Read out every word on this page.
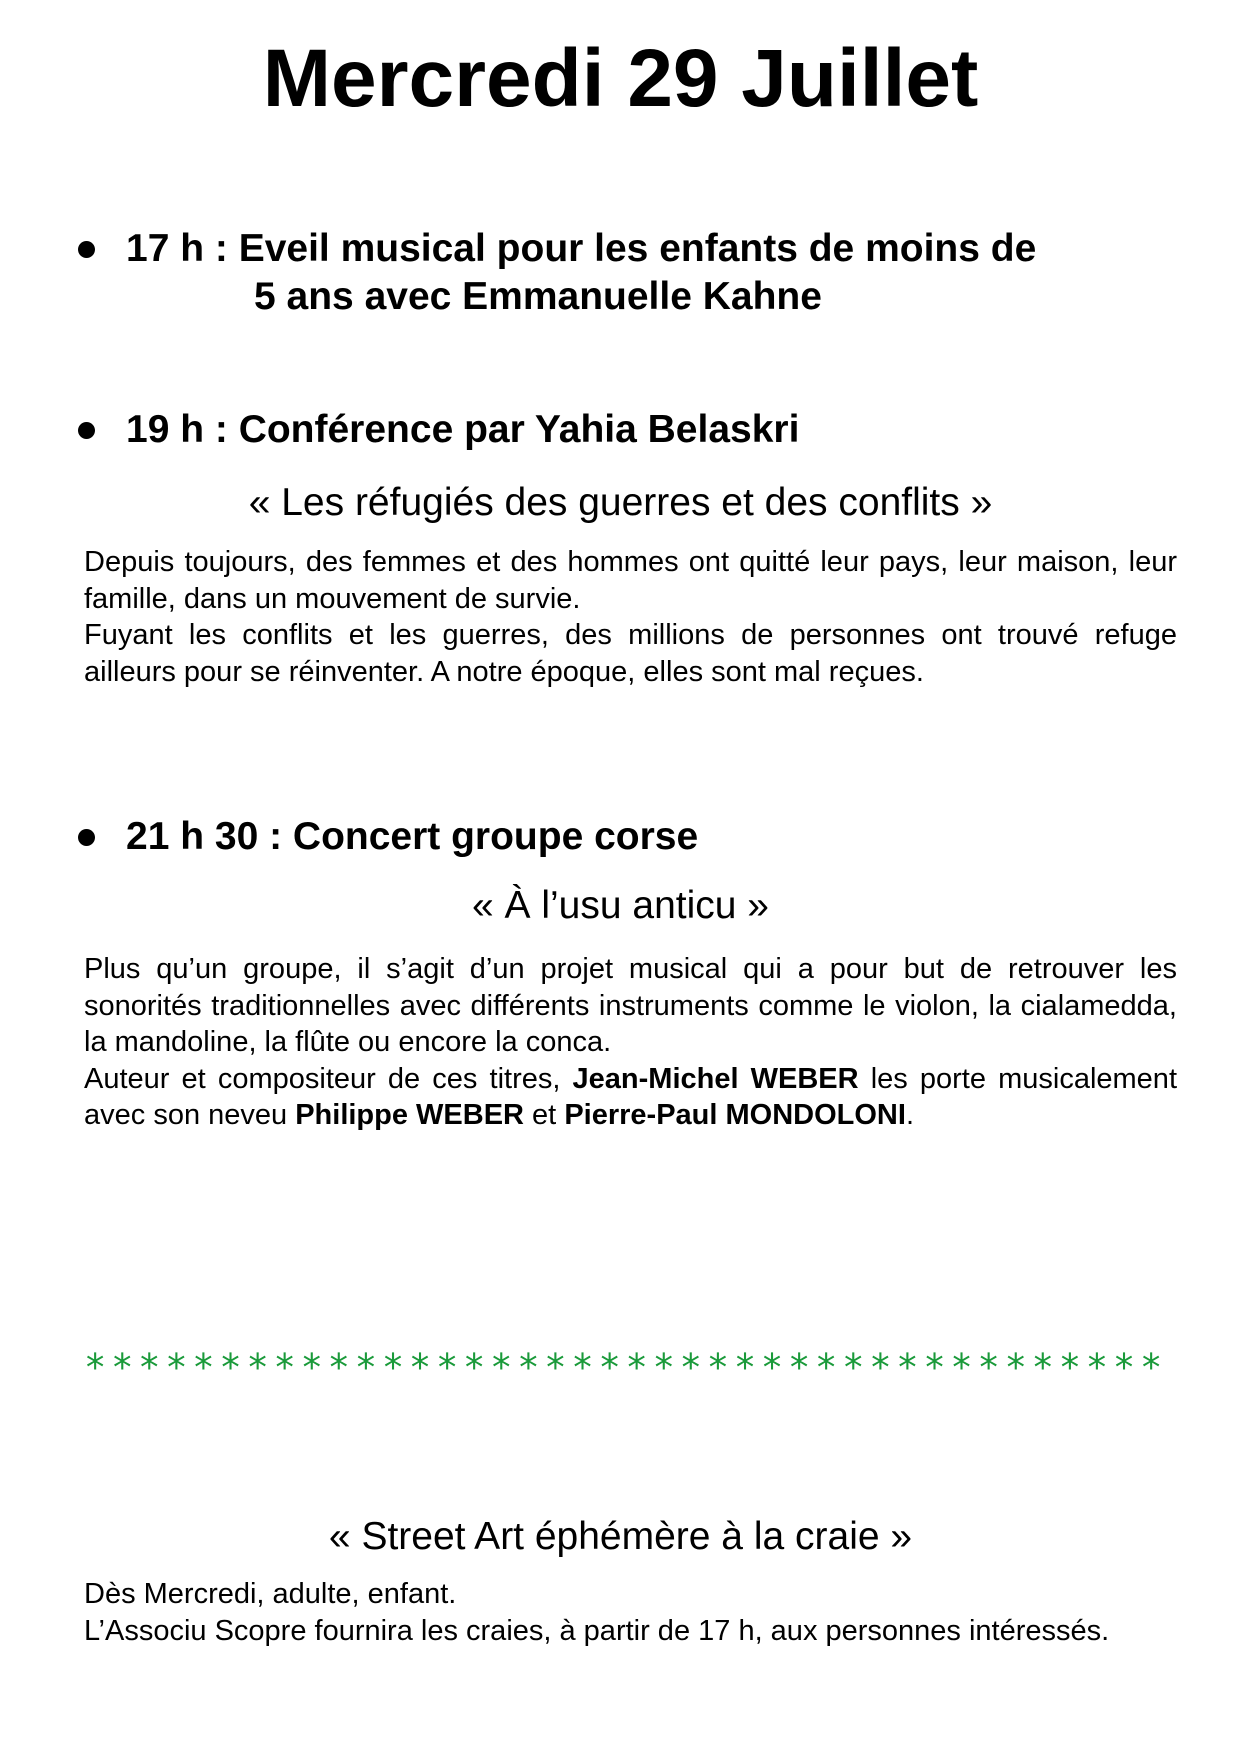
Mercredi 29 Juillet
17 h : Eveil musical pour les enfants de moins de
5 ans avec Emmanuelle Kahne
19 h : Conférence par Yahia Belaskri
« Les réfugiés des guerres et des conflits »
Depuis toujours, des femmes et des hommes ont quitté leur pays, leur maison, leur famille, dans un mouvement de survie.
Fuyant les conflits et les guerres, des millions de personnes ont trouvé refuge ailleurs pour se réinventer. A notre époque, elles sont mal reçues.
21 h 30 : Concert groupe corse
« À l’usu anticu »
Plus qu’un groupe, il s’agit d’un projet musical qui a pour but de retrouver les sonorités traditionnelles avec différents instruments comme le violon, la cialamedda, la mandoline, la flûte ou encore la conca.
Auteur et compositeur de ces titres, Jean-Michel WEBER les porte musicalement avec son neveu Philippe WEBER et Pierre-Paul MONDOLONI.
****************************************
« Street Art éphémère à la craie »
Dès Mercredi, adulte, enfant.
L’Associu Scopre fournira les craies, à partir de 17 h, aux personnes intéressés.
